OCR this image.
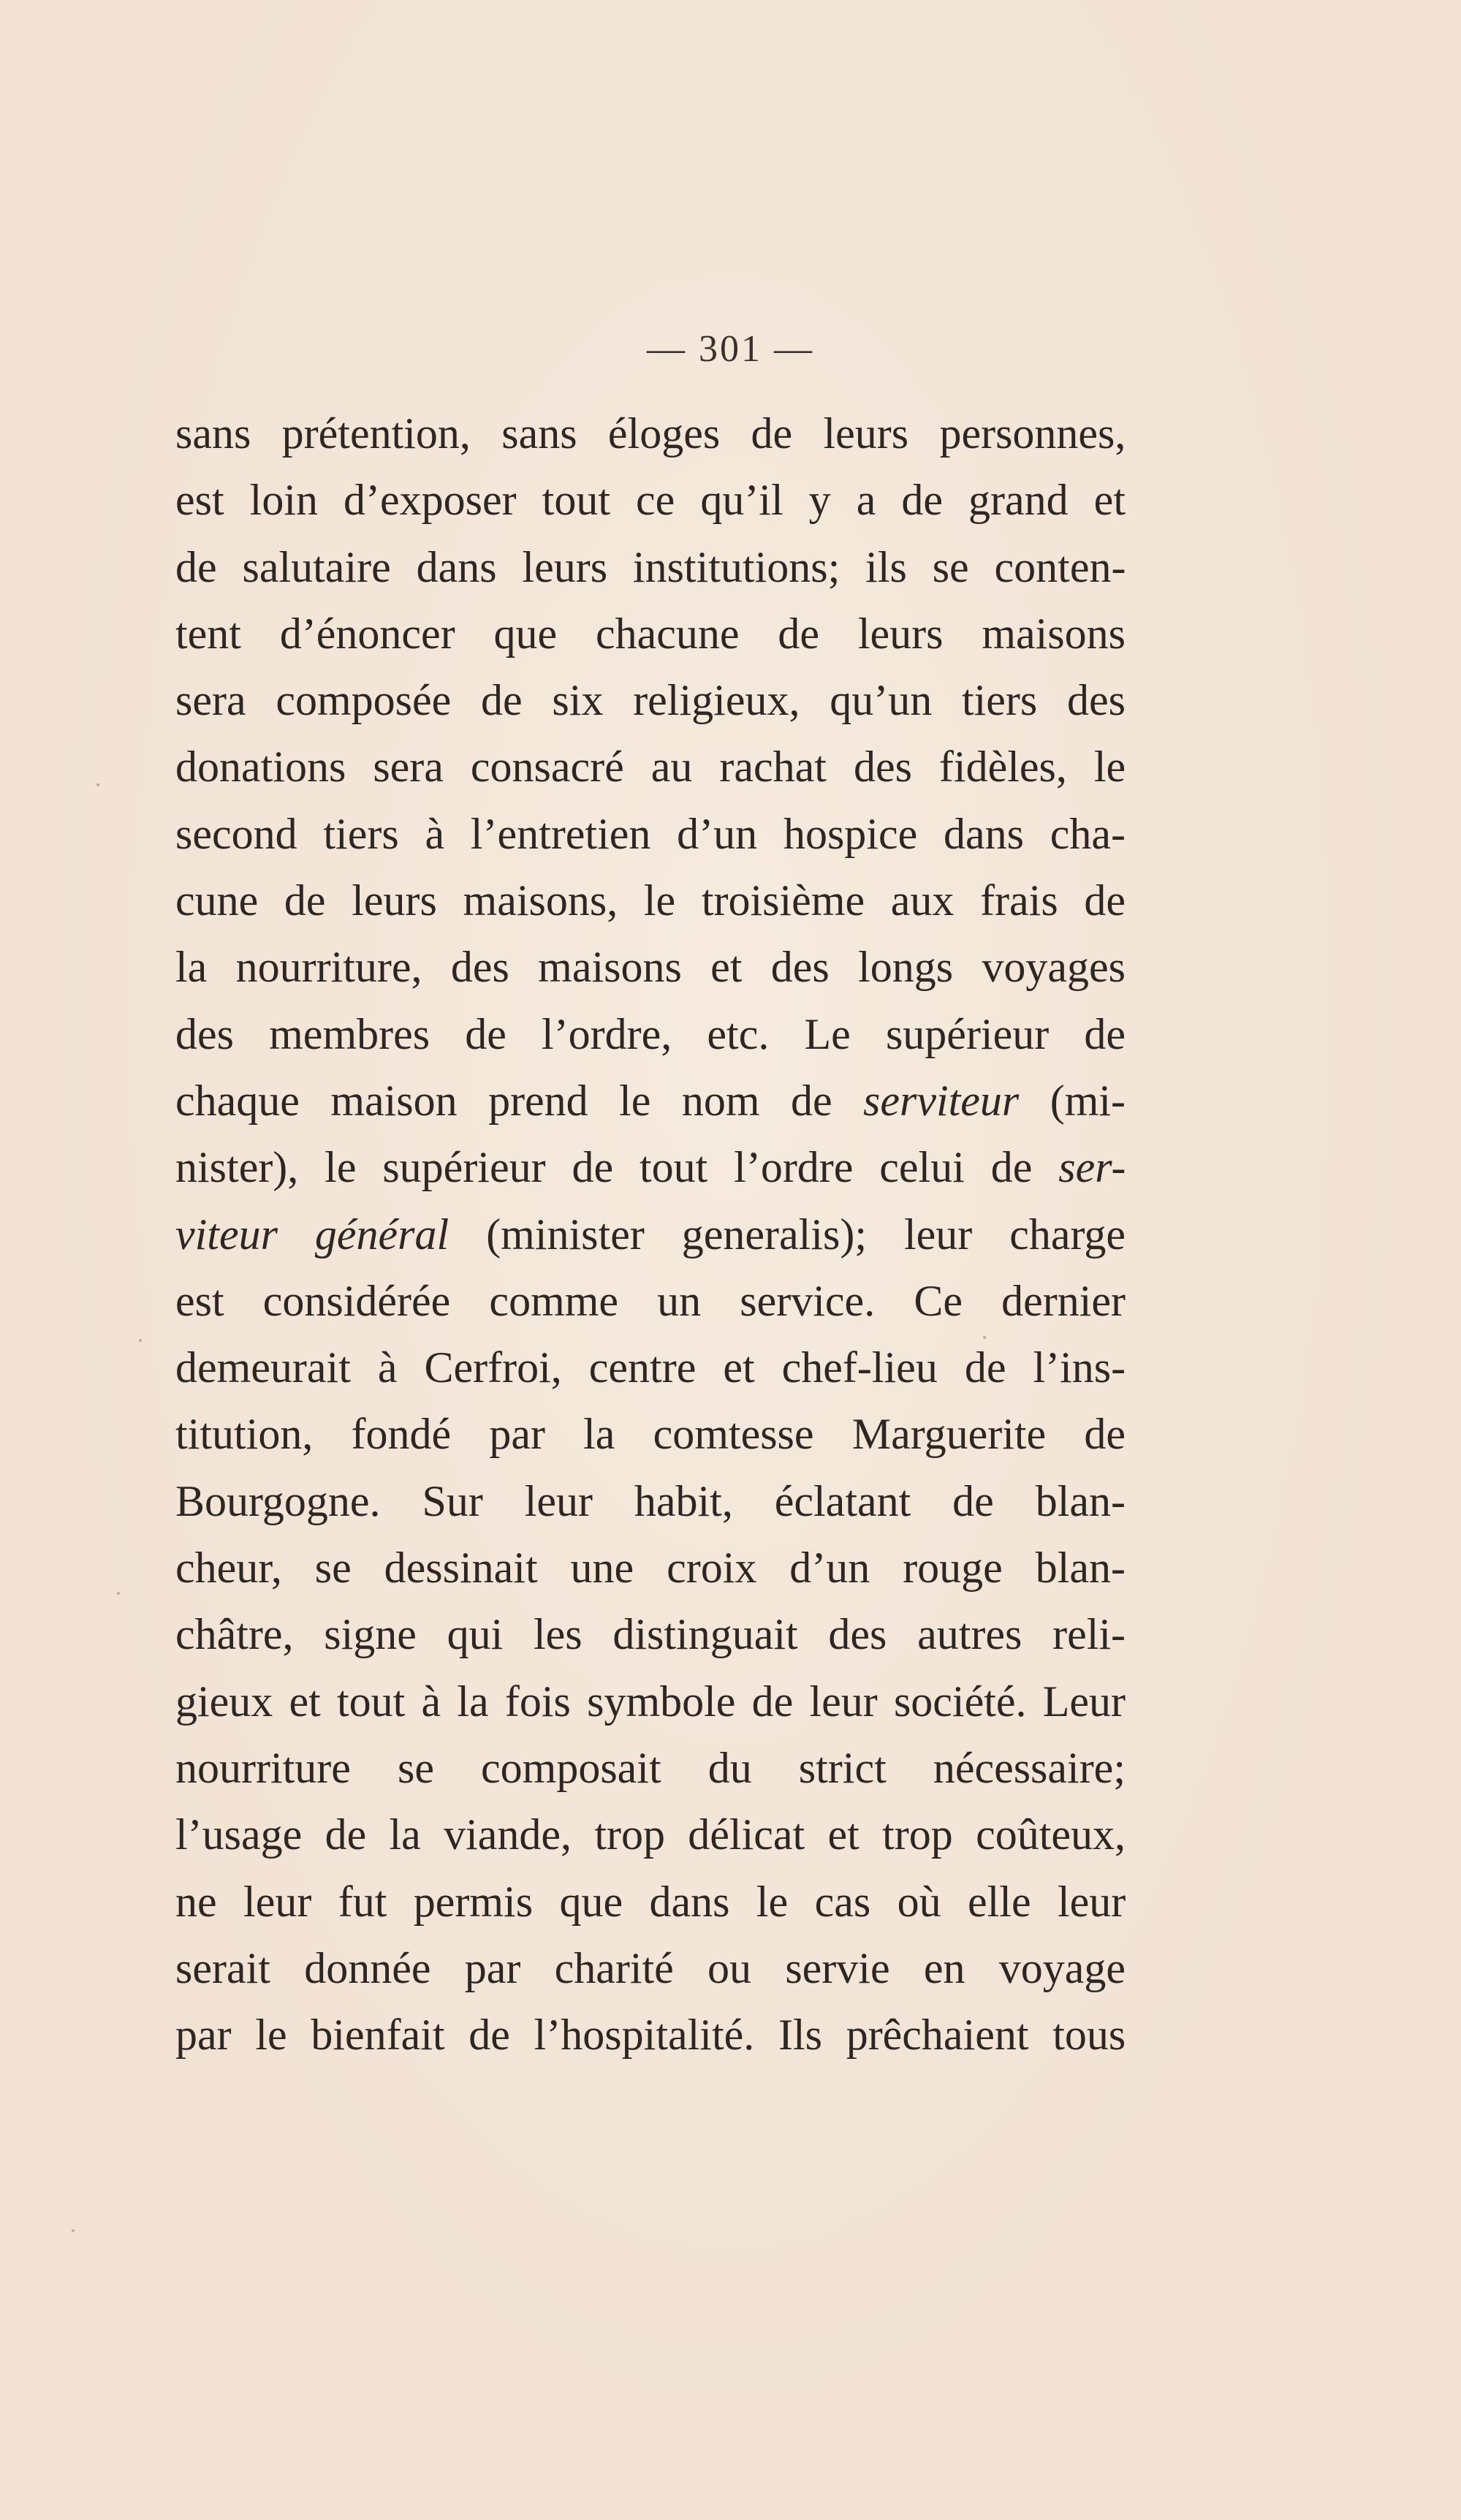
— 301 —
sans prétention, sans éloges de leurs personnes,
est loin d’exposer tout ce qu’il y a de grand et
de salutaire dans leurs institutions; ils se conten-
tent d’énoncer que chacune de leurs maisons
sera composée de six religieux, qu’un tiers des
donations sera consacré au rachat des fidèles, le
second tiers à l’entretien d’un hospice dans cha-
cune de leurs maisons, le troisième aux frais de
la nourriture, des maisons et des longs voyages
des membres de l’ordre, etc. Le supérieur de
chaque maison prend le nom de serviteur (mi-
nister), le supérieur de tout l’ordre celui de ser-
viteur général (minister generalis); leur charge
est considérée comme un service. Ce dernier
demeurait à Cerfroi, centre et chef-lieu de l’ins-
titution, fondé par la comtesse Marguerite de
Bourgogne. Sur leur habit, éclatant de blan-
cheur, se dessinait une croix d’un rouge blan-
châtre, signe qui les distinguait des autres reli-
gieux et tout à la fois symbole de leur société. Leur
nourriture se composait du strict nécessaire;
l’usage de la viande, trop délicat et trop coûteux,
ne leur fut permis que dans le cas où elle leur
serait donnée par charité ou servie en voyage
par le bienfait de l’hospitalité. Ils prêchaient tous
